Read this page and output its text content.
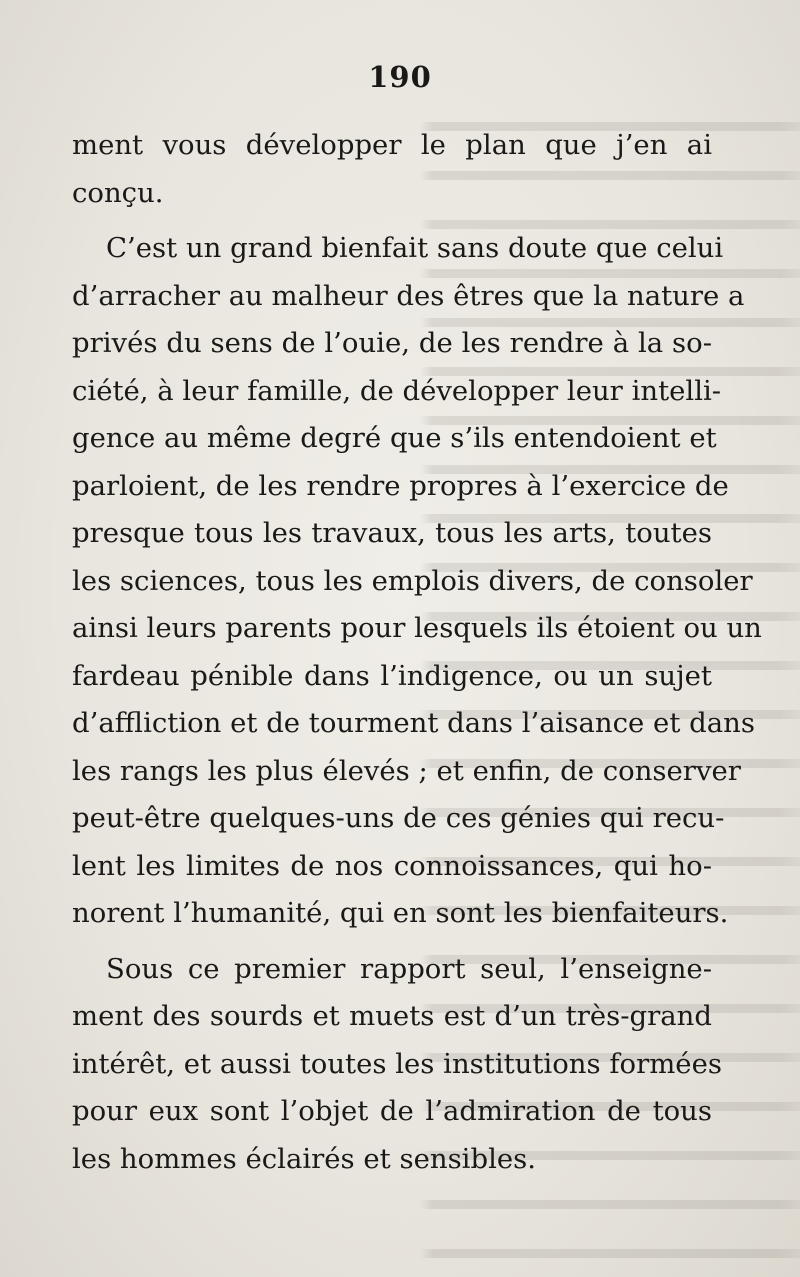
190

ment vous développer le plan que j’en ai
conçu.

C’est un grand bienfait sans doute que celui
d’arracher au malheur des êtres que la nature a
privés du sens de l’ouie, de les rendre à la so-
ciété, à leur famille, de développer leur intelli-
gence au même degré que s’ils entendoient et
parloient, de les rendre propres à l’exercice de
presque tous les travaux, tous les arts, toutes
les sciences, tous les emplois divers, de consoler
ainsi leurs parents pour lesquels ils étoient ou un
fardeau pénible dans l’indigence, ou un sujet
d’affliction et de tourment dans l’aisance et dans
les rangs les plus élevés ; et enfin, de conserver
peut-être quelques-uns de ces génies qui recu-
lent les limites de nos connoissances, qui ho-
norent l’humanité, qui en sont les bienfaiteurs.

Sous ce premier rapport seul, l’enseigne-
ment des sourds et muets est d’un très-grand
intérêt, et aussi toutes les institutions formées
pour eux sont l’objet de l’admiration de tous
les hommes éclairés et sensibles.
